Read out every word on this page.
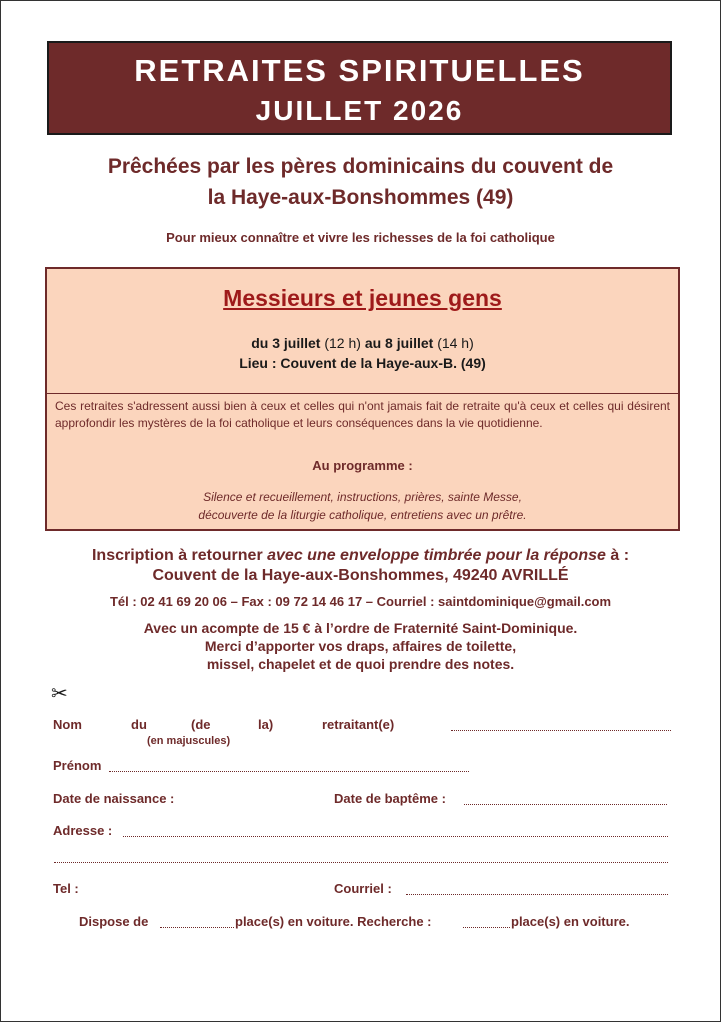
RETRAITES SPIRITUELLES
JUILLET 2026
Prêchées par les pères dominicains du couvent de
la Haye-aux-Bonshommes (49)
Pour mieux connaître et vivre les richesses de la foi catholique
Messieurs et jeunes gens
du 3 juillet (12 h) au 8 juillet (14 h)
Lieu : Couvent de la Haye-aux-B. (49)
Ces retraites s'adressent aussi bien à ceux et celles qui n'ont jamais fait de retraite qu'à ceux et celles qui désirent approfondir les mystères de la foi catholique et leurs conséquences dans la vie quotidienne.
Au programme :
Silence et recueillement, instructions, prières, sainte Messe,
découverte de la liturgie catholique, entretiens avec un prêtre.
Inscription à retourner avec une enveloppe timbrée pour la réponse à :
Couvent de la Haye-aux-Bonshommes, 49240 AVRILLÉ
Tél : 02 41 69 20 06 – Fax : 09 72 14 46 17 – Courriel : saintdominique@gmail.com
Avec un acompte de 15 € à l’ordre de Fraternité Saint-Dominique.
Merci d’apporter vos draps, affaires de toilette,
missel, chapelet et de quoi prendre des notes.
✂
Nom	du	(de	la)	retraitant(e)
(en majuscules)
Prénom
Date de naissance :	Date de baptême :
Adresse :
Tel :	Courriel :
Dispose de	place(s) en voiture. Recherche :	place(s) en voiture.
